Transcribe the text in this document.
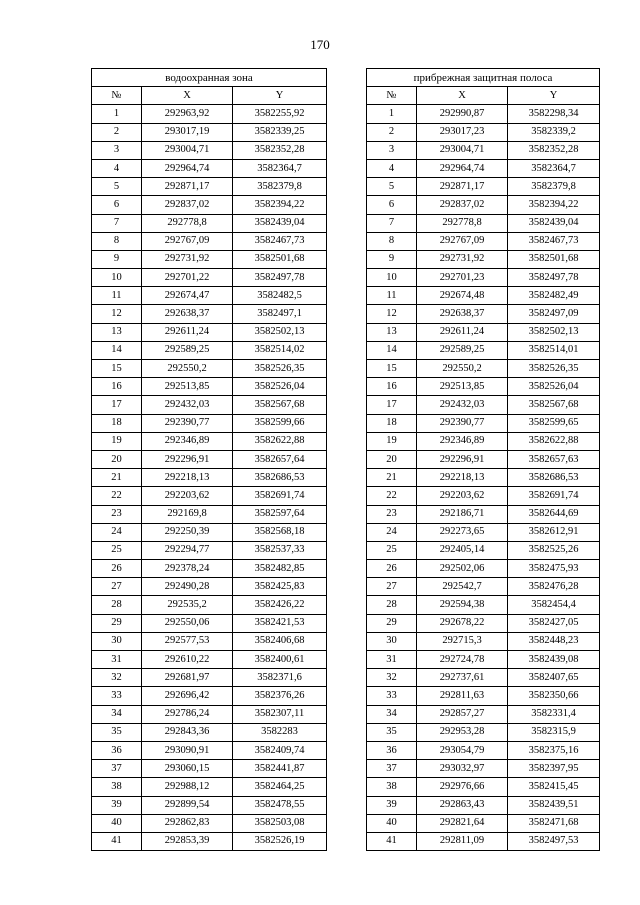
170
водоохранная зона		
№	X	Y
1	292963,92	3582255,92
2	293017,19	3582339,25
3	293004,71	3582352,28
4	292964,74	3582364,7
5	292871,17	3582379,8
6	292837,02	3582394,22
7	292778,8	3582439,04
8	292767,09	3582467,73
9	292731,92	3582501,68
10	292701,22	3582497,78
11	292674,47	3582482,5
12	292638,37	3582497,1
13	292611,24	3582502,13
14	292589,25	3582514,02
15	292550,2	3582526,35
16	292513,85	3582526,04
17	292432,03	3582567,68
18	292390,77	3582599,66
19	292346,89	3582622,88
20	292296,91	3582657,64
21	292218,13	3582686,53
22	292203,62	3582691,74
23	292169,8	3582597,64
24	292250,39	3582568,18
25	292294,77	3582537,33
26	292378,24	3582482,85
27	292490,28	3582425,83
28	292535,2	3582426,22
29	292550,06	3582421,53
30	292577,53	3582406,68
31	292610,22	3582400,61
32	292681,97	3582371,6
33	292696,42	3582376,26
34	292786,24	3582307,11
35	292843,36	3582283
36	293090,91	3582409,74
37	293060,15	3582441,87
38	292988,12	3582464,25
39	292899,54	3582478,55
40	292862,83	3582503,08
41	292853,39	3582526,19
прибрежная защитная полоса		
№	X	Y
1	292990,87	3582298,34
2	293017,23	3582339,2
3	293004,71	3582352,28
4	292964,74	3582364,7
5	292871,17	3582379,8
6	292837,02	3582394,22
7	292778,8	3582439,04
8	292767,09	3582467,73
9	292731,92	3582501,68
10	292701,23	3582497,78
11	292674,48	3582482,49
12	292638,37	3582497,09
13	292611,24	3582502,13
14	292589,25	3582514,01
15	292550,2	3582526,35
16	292513,85	3582526,04
17	292432,03	3582567,68
18	292390,77	3582599,65
19	292346,89	3582622,88
20	292296,91	3582657,63
21	292218,13	3582686,53
22	292203,62	3582691,74
23	292186,71	3582644,69
24	292273,65	3582612,91
25	292405,14	3582525,26
26	292502,06	3582475,93
27	292542,7	3582476,28
28	292594,38	3582454,4
29	292678,22	3582427,05
30	292715,3	3582448,23
31	292724,78	3582439,08
32	292737,61	3582407,65
33	292811,63	3582350,66
34	292857,27	3582331,4
35	292953,28	3582315,9
36	293054,79	3582375,16
37	293032,97	3582397,95
38	292976,66	3582415,45
39	292863,43	3582439,51
40	292821,64	3582471,68
41	292811,09	3582497,53
